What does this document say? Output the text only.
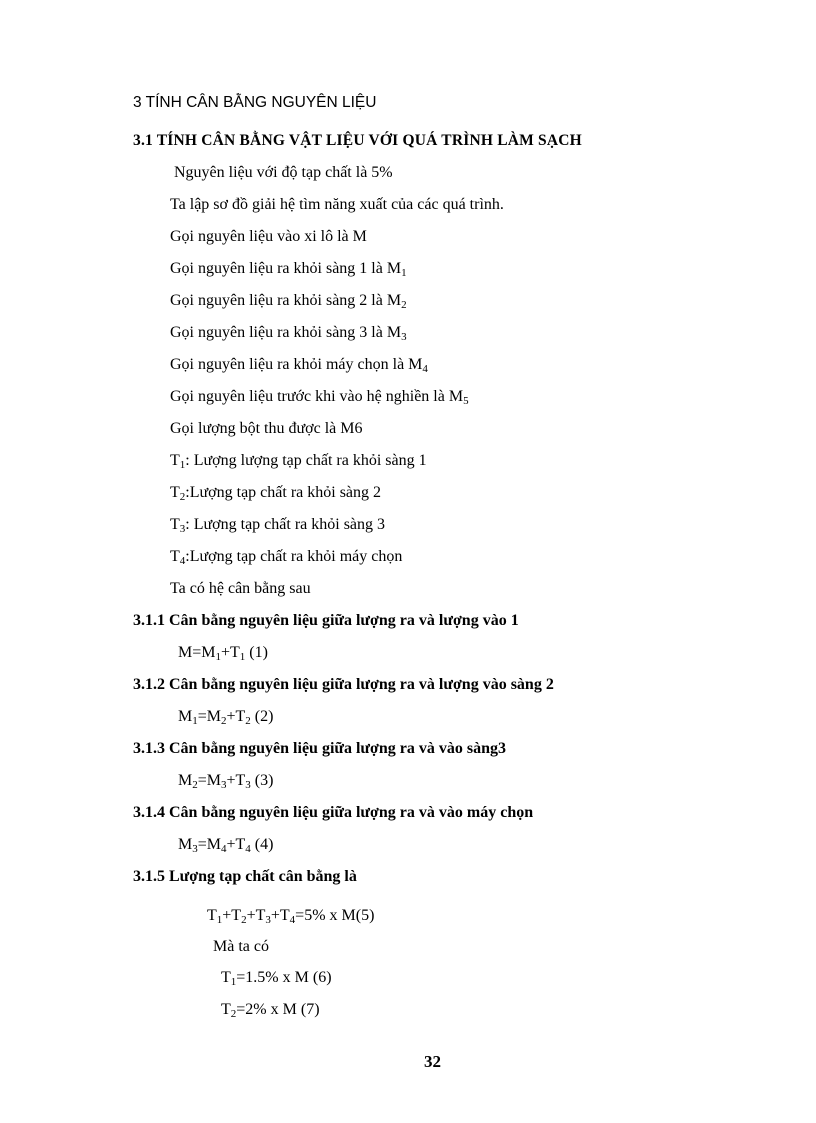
3 TÍNH CÂN BẰNG NGUYÊN LIỆU
3.1 TÍNH CÂN BẰNG VẬT LIỆU VỚI QUÁ TRÌNH LÀM SẠCH
Nguyên liệu với độ tạp chất là 5%
Ta lập sơ đồ giải hệ tìm năng xuất của các quá trình.
Gọi nguyên liệu vào xi lô là M
Gọi nguyên liệu ra khỏi sàng 1 là $M_1$
Gọi nguyên liệu ra khỏi sàng 2 là $M_2$
Gọi nguyên liệu ra khỏi sàng 3 là $M_3$
Gọi nguyên liệu ra khỏi máy chọn là $M_4$
Gọi nguyên liệu trước khi vào hệ nghiền là $M_5$
Gọi lượng bột thu được là M6
$T_1$: Lượng lượng tạp chất ra khỏi sàng 1
$T_2:Lượng$ tạp chất ra khỏi sàng 2
$T_3$: Lượng tạp chất ra khỏi sàng 3
$T_4:Lượng$ tạp chất ra khỏi máy chọn
Ta có hệ cân bằng sau
3.1.1 Cân bằng nguyên liệu giữa lượng ra và lượng vào 1
$M=M_1+T_1$ (1)
3.1.2 Cân bằng nguyên liệu giữa lượng ra và lượng vào sàng 2
$M_1=M_2+T_2$ (2)
3.1.3 Cân bằng nguyên liệu giữa lượng ra và vào sàng3
$M_2=M_3+T_3$ (3)
3.1.4 Cân bằng nguyên liệu giữa lượng ra và vào máy chọn
$M_3=M_4+T_4$ (4)
3.1.5 Lượng tạp chất cân bằng là
$T_1+T_2+T_3+T_4=5\%$ x M(5)
Mà ta có
$T_1=1.5\%$ x M (6)
$T_2=2\%$ x M (7)
32
